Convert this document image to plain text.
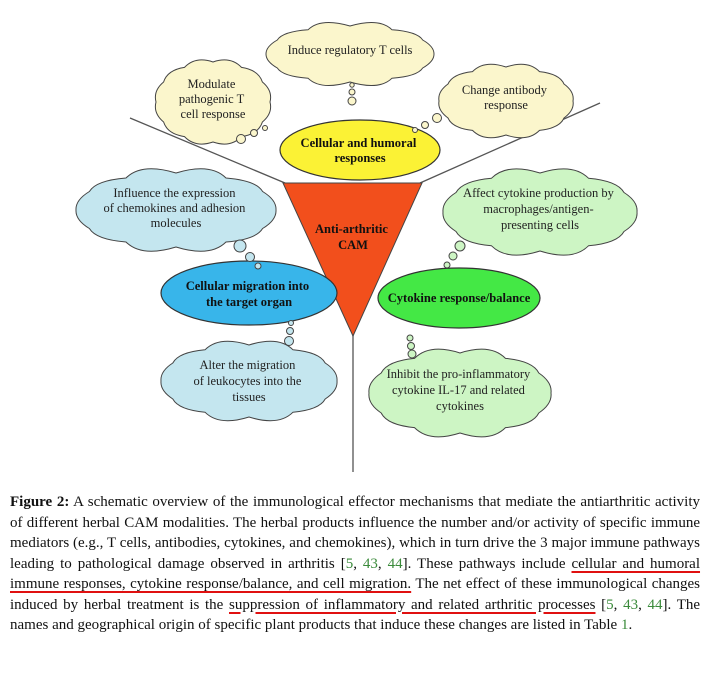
Anti-arthritic CAM
Cellular and humoral responses
Cellular migration into the target organ	Cytokine response/balance
Modulate pathogenic T cell response
Induce regulatory T cells
Change antibody response
Influence the expression of chemokines and adhesion molecules
Alter the migration of leukocytes into the tissues
Affect cytokine production by macrophages/antigen- presenting cells
Inhibit the pro-inflammatory cytokine IL-17 and related cytokines

Figure 2: A schematic overview of the immunological effector mechanisms that mediate the antiarthritic activity of different herbal CAM modalities. The herbal products influence the number and/or activity of specific immune mediators (e.g., T cells, antibodies, cytokines, and chemokines), which in turn drive the 3 major immune pathways leading to pathological damage observed in arthritis [5, 43, 44]. These pathways include cellular and humoral immune responses, cytokine response/balance, and cell migration. The net effect of these immunological changes induced by herbal treatment is the suppression of inflammatory and related arthritic processes [5, 43, 44]. The names and geographical origin of specific plant products that induce these changes are listed in Table 1.
